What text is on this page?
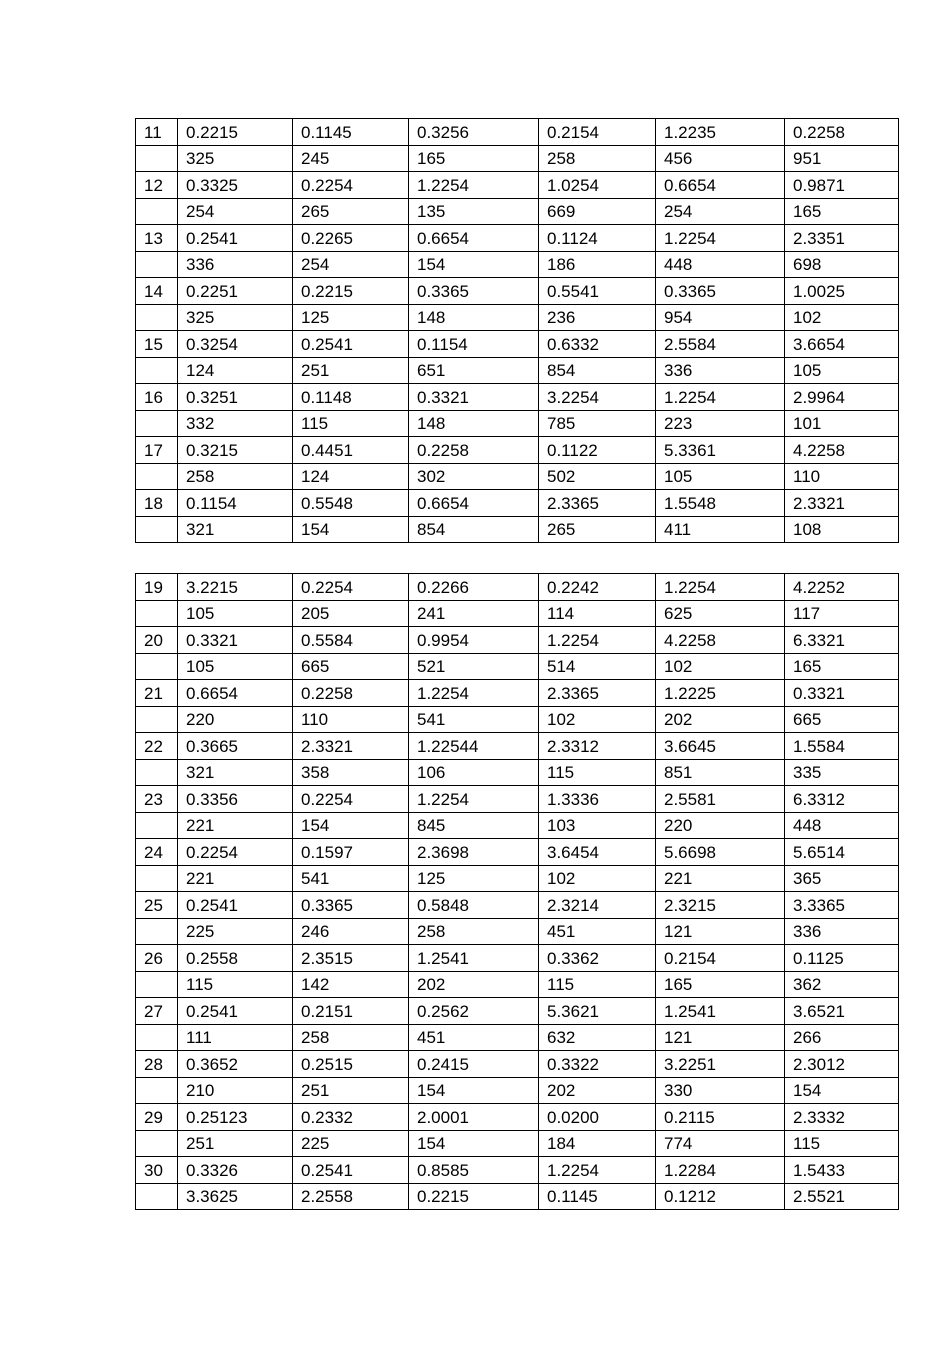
11	0.2215	0.1145	0.3256	0.2154	1.2235	0.2258
	325	245	165	258	456	951
12	0.3325	0.2254	1.2254	1.0254	0.6654	0.9871
	254	265	135	669	254	165
13	0.2541	0.2265	0.6654	0.1124	1.2254	2.3351
	336	254	154	186	448	698
14	0.2251	0.2215	0.3365	0.5541	0.3365	1.0025
	325	125	148	236	954	102
15	0.3254	0.2541	0.1154	0.6332	2.5584	3.6654
	124	251	651	854	336	105
16	0.3251	0.1148	0.3321	3.2254	1.2254	2.9964
	332	115	148	785	223	101
17	0.3215	0.4451	0.2258	0.1122	5.3361	4.2258
	258	124	302	502	105	110
18	0.1154	0.5548	0.6654	2.3365	1.5548	2.3321
	321	154	854	265	411	108
19	3.2215	0.2254	0.2266	0.2242	1.2254	4.2252
	105	205	241	114	625	117
20	0.3321	0.5584	0.9954	1.2254	4.2258	6.3321
	105	665	521	514	102	165
21	0.6654	0.2258	1.2254	2.3365	1.2225	0.3321
	220	110	541	102	202	665
22	0.3665	2.3321	1.22544	2.3312	3.6645	1.5584
	321	358	106	115	851	335
23	0.3356	0.2254	1.2254	1.3336	2.5581	6.3312
	221	154	845	103	220	448
24	0.2254	0.1597	2.3698	3.6454	5.6698	5.6514
	221	541	125	102	221	365
25	0.2541	0.3365	0.5848	2.3214	2.3215	3.3365
	225	246	258	451	121	336
26	0.2558	2.3515	1.2541	0.3362	0.2154	0.1125
	115	142	202	115	165	362
27	0.2541	0.2151	0.2562	5.3621	1.2541	3.6521
	111	258	451	632	121	266
28	0.3652	0.2515	0.2415	0.3322	3.2251	2.3012
	210	251	154	202	330	154
29	0.25123	0.2332	2.0001	0.0200	0.2115	2.3332
	251	225	154	184	774	115
30	0.3326	0.2541	0.8585	1.2254	1.2284	1.5433
	3.3625	2.2558	0.2215	0.1145	0.1212	2.5521
